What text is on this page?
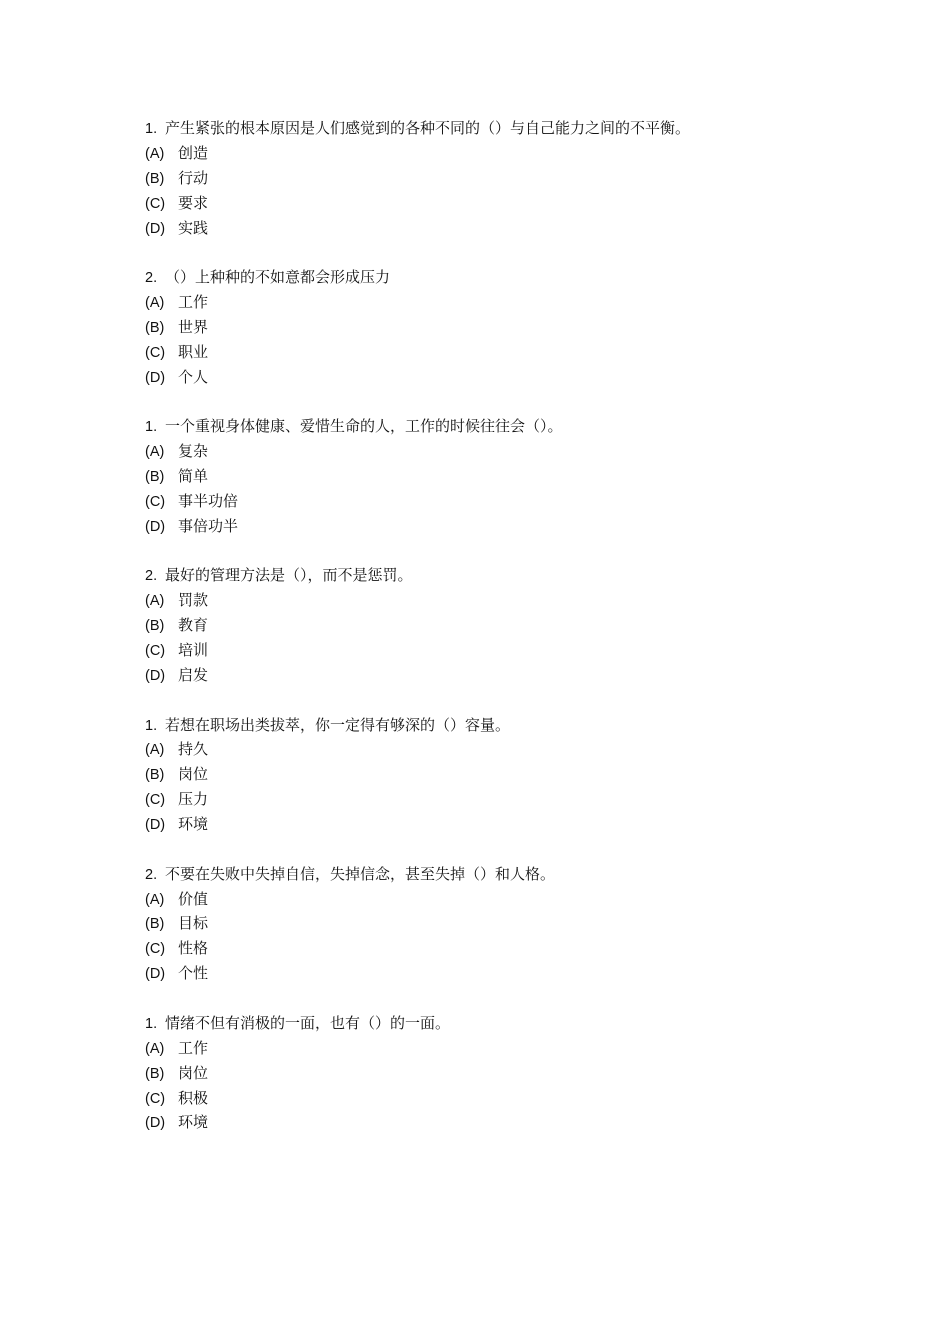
1. 产生紧张的根本原因是人们感觉到的各种不同的（）与自己能力之间的不平衡。
(A) 创造
(B) 行动
(C) 要求
(D) 实践
2. （）上种种的不如意都会形成压力
(A) 工作
(B) 世界
(C) 职业
(D) 个人
1. 一个重视身体健康、爱惜生命的人，工作的时候往往会（）。
(A) 复杂
(B) 简单
(C) 事半功倍
(D) 事倍功半
2. 最好的管理方法是（），而不是惩罚。
(A) 罚款
(B) 教育
(C) 培训
(D) 启发
1. 若想在职场出类拔萃，你一定得有够深的（）容量。
(A) 持久
(B) 岗位
(C) 压力
(D) 环境
2. 不要在失败中失掉自信，失掉信念，甚至失掉（）和人格。
(A) 价值
(B) 目标
(C) 性格
(D) 个性
1. 情绪不但有消极的一面，也有（）的一面。
(A) 工作
(B) 岗位
(C) 积极
(D) 环境
